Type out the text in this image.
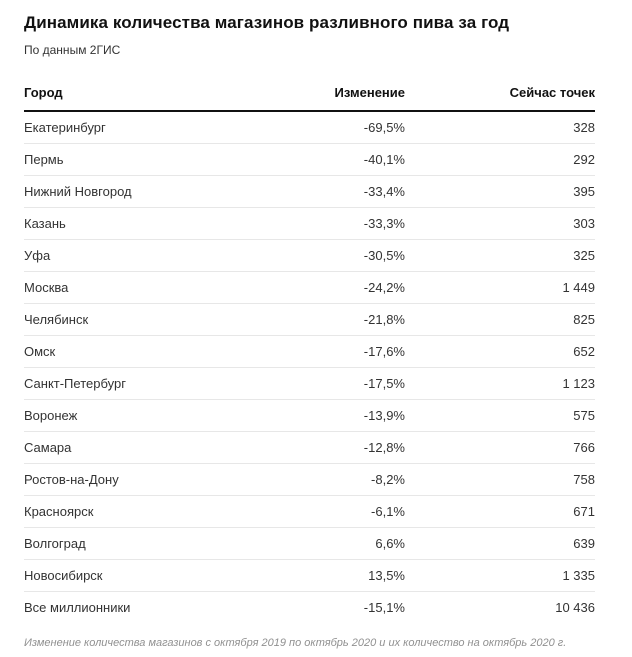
Динамика количества магазинов разливного пива за год
По данным 2ГИС
Город	Изменение	Сейчас точек
Екатеринбург	-69,5%	328
Пермь	-40,1%	292
Нижний Новгород	-33,4%	395
Казань	-33,3%	303
Уфа	-30,5%	325
Москва	-24,2%	1 449
Челябинск	-21,8%	825
Омск	-17,6%	652
Санкт-Петербург	-17,5%	1 123
Воронеж	-13,9%	575
Самара	-12,8%	766
Ростов-на-Дону	-8,2%	758
Красноярск	-6,1%	671
Волгоград	6,6%	639
Новосибирск	13,5%	1 335
Все миллионники	-15,1%	10 436
Изменение количества магазинов с октября 2019 по октябрь 2020 и их количество на октябрь 2020 г.
